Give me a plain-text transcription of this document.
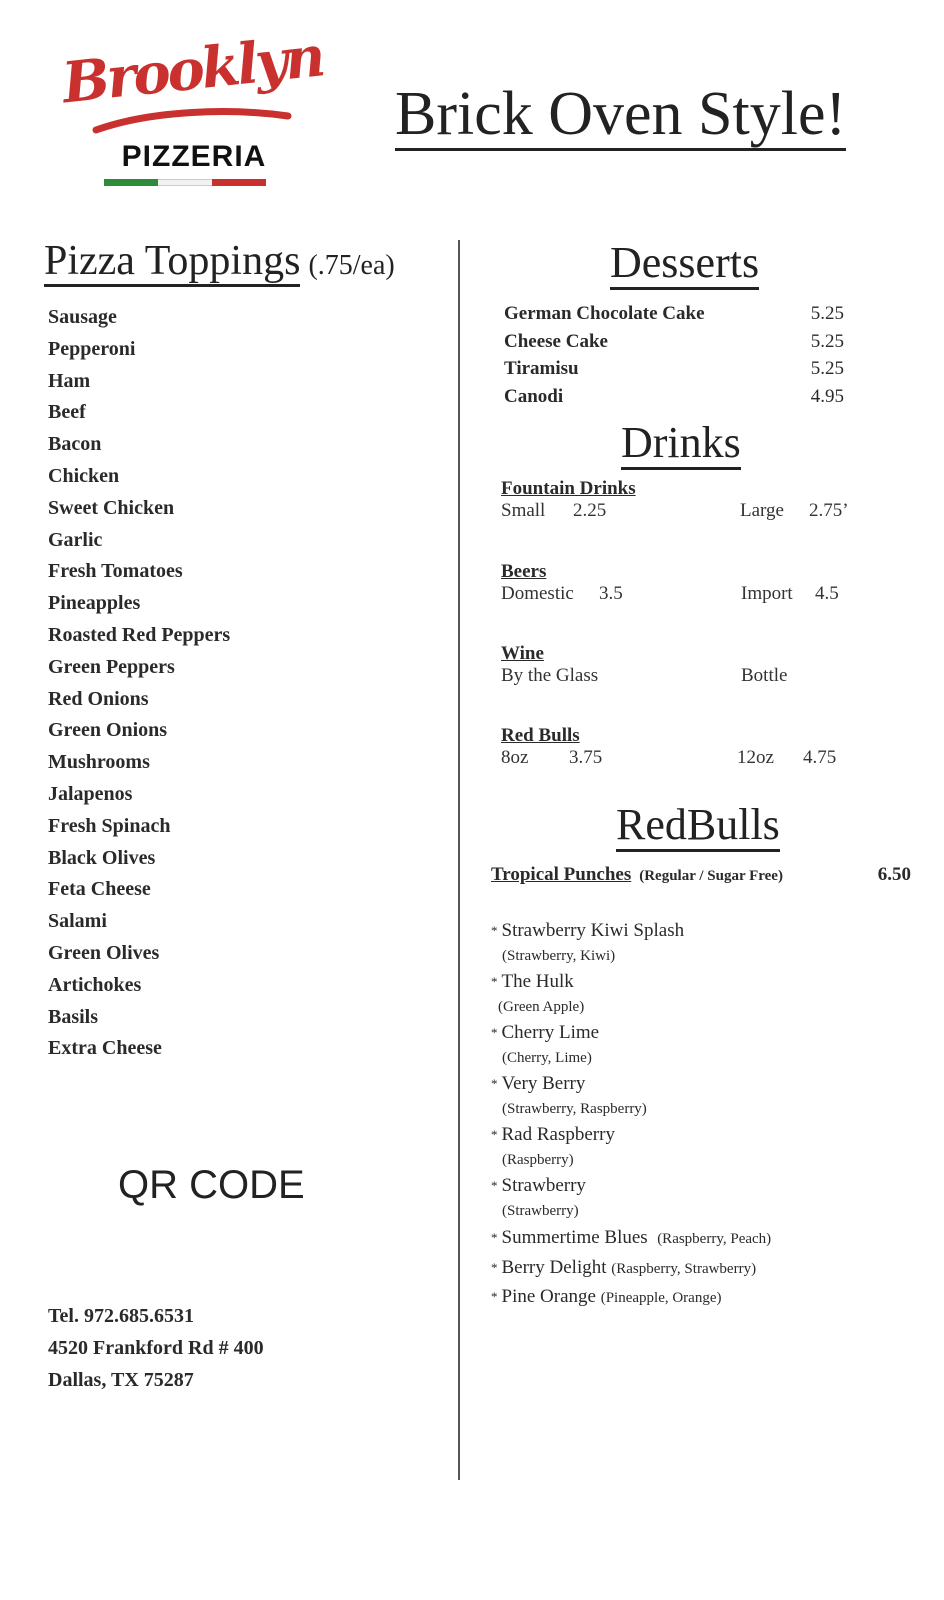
Brooklyn
PIZZERIA
Brick Oven Style!
Pizza Toppings (.75/ea)
Sausage
Pepperoni
Ham
Beef
Bacon
Chicken
Sweet Chicken
Garlic
Fresh Tomatoes
Pineapples
Roasted Red Peppers
Green Peppers
Red Onions
Green Onions
Mushrooms
Jalapenos
Fresh Spinach
Black Olives
Feta Cheese
Salami
Green Olives
Artichokes
Basils
Extra Cheese
QR CODE
Tel. 972.685.6531
4520 Frankford Rd # 400
Dallas, TX 75287
Desserts
German Chocolate Cake	5.25
Cheese Cake	5.25
Tiramisu	5.25
Canodi	4.95
Drinks
Fountain Drinks
Small 2.25	Large 2.75’
Beers
Domestic 3.5	Import 4.5
Wine
By the Glass	Bottle
Red Bulls
8oz 3.75	12oz 4.75
RedBulls
Tropical Punches (Regular / Sugar Free)	6.50
* Strawberry Kiwi Splash
(Strawberry, Kiwi)
* The Hulk
(Green Apple)
* Cherry Lime
(Cherry, Lime)
* Very Berry
(Strawberry, Raspberry)
* Rad Raspberry
(Raspberry)
* Strawberry
(Strawberry)
* Summertime Blues (Raspberry, Peach)
* Berry Delight (Raspberry, Strawberry)
* Pine Orange (Pineapple, Orange)
